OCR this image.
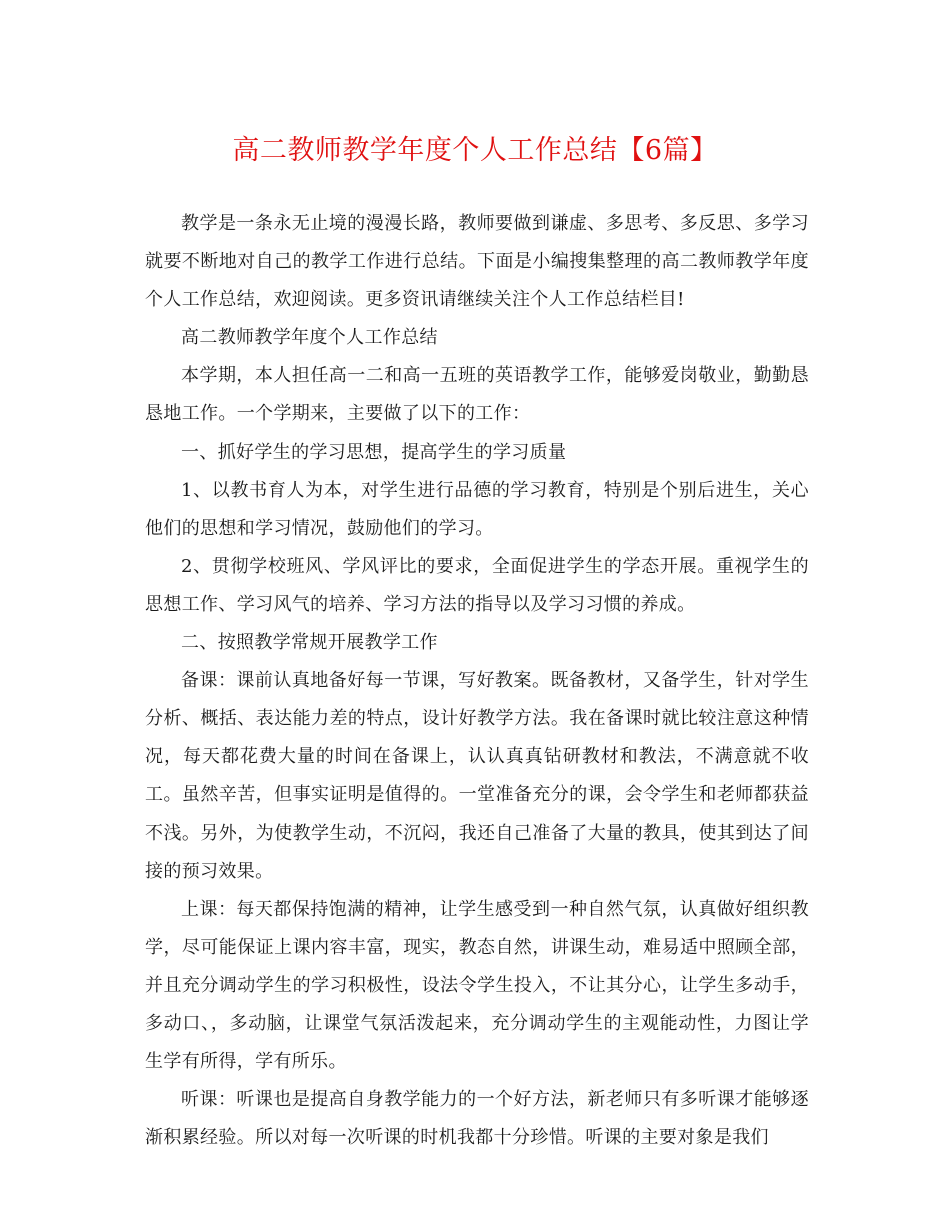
高二教师教学年度个人工作总结【6篇】

教学是一条永无止境的漫漫长路，教师要做到谦虚、多思考、多反思、多学习就要不断地对自己的教学工作进行总结。下面是小编搜集整理的高二教师教学年度个人工作总结，欢迎阅读。更多资讯请继续关注个人工作总结栏目!

高二教师教学年度个人工作总结

本学期，本人担任高一二和高一五班的英语教学工作，能够爱岗敬业，勤勤恳恳地工作。一个学期来，主要做了以下的工作：

一、抓好学生的学习思想，提高学生的学习质量

1、以教书育人为本，对学生进行品德的学习教育，特别是个别后进生，关心他们的思想和学习情况，鼓励他们的学习。

2、贯彻学校班风、学风评比的要求，全面促进学生的学态开展。重视学生的思想工作、学习风气的培养、学习方法的指导以及学习习惯的养成。

二、按照教学常规开展教学工作

备课：课前认真地备好每一节课，写好教案。既备教材，又备学生，针对学生分析、概括、表达能力差的特点，设计好教学方法。我在备课时就比较注意这种情况，每天都花费大量的时间在备课上，认认真真钻研教材和教法，不满意就不收工。虽然辛苦，但事实证明是值得的。一堂准备充分的课，会令学生和老师都获益不浅。另外，为使教学生动，不沉闷，我还自己准备了大量的教具，使其到达了间接的预习效果。

上课：每天都保持饱满的精神，让学生感受到一种自然气氛，认真做好组织教学，尽可能保证上课内容丰富，现实，教态自然，讲课生动，难易适中照顾全部，并且充分调动学生的学习积极性，设法令学生投入，不让其分心，让学生多动手，多动口、，多动脑，让课堂气氛活泼起来，充分调动学生的主观能动性，力图让学生学有所得，学有所乐。

听课：听课也是提高自身教学能力的一个好方法，新老师只有多听课才能够逐渐积累经验。所以对每一次听课的时机我都十分珍惜。听课的主要对象是我们
